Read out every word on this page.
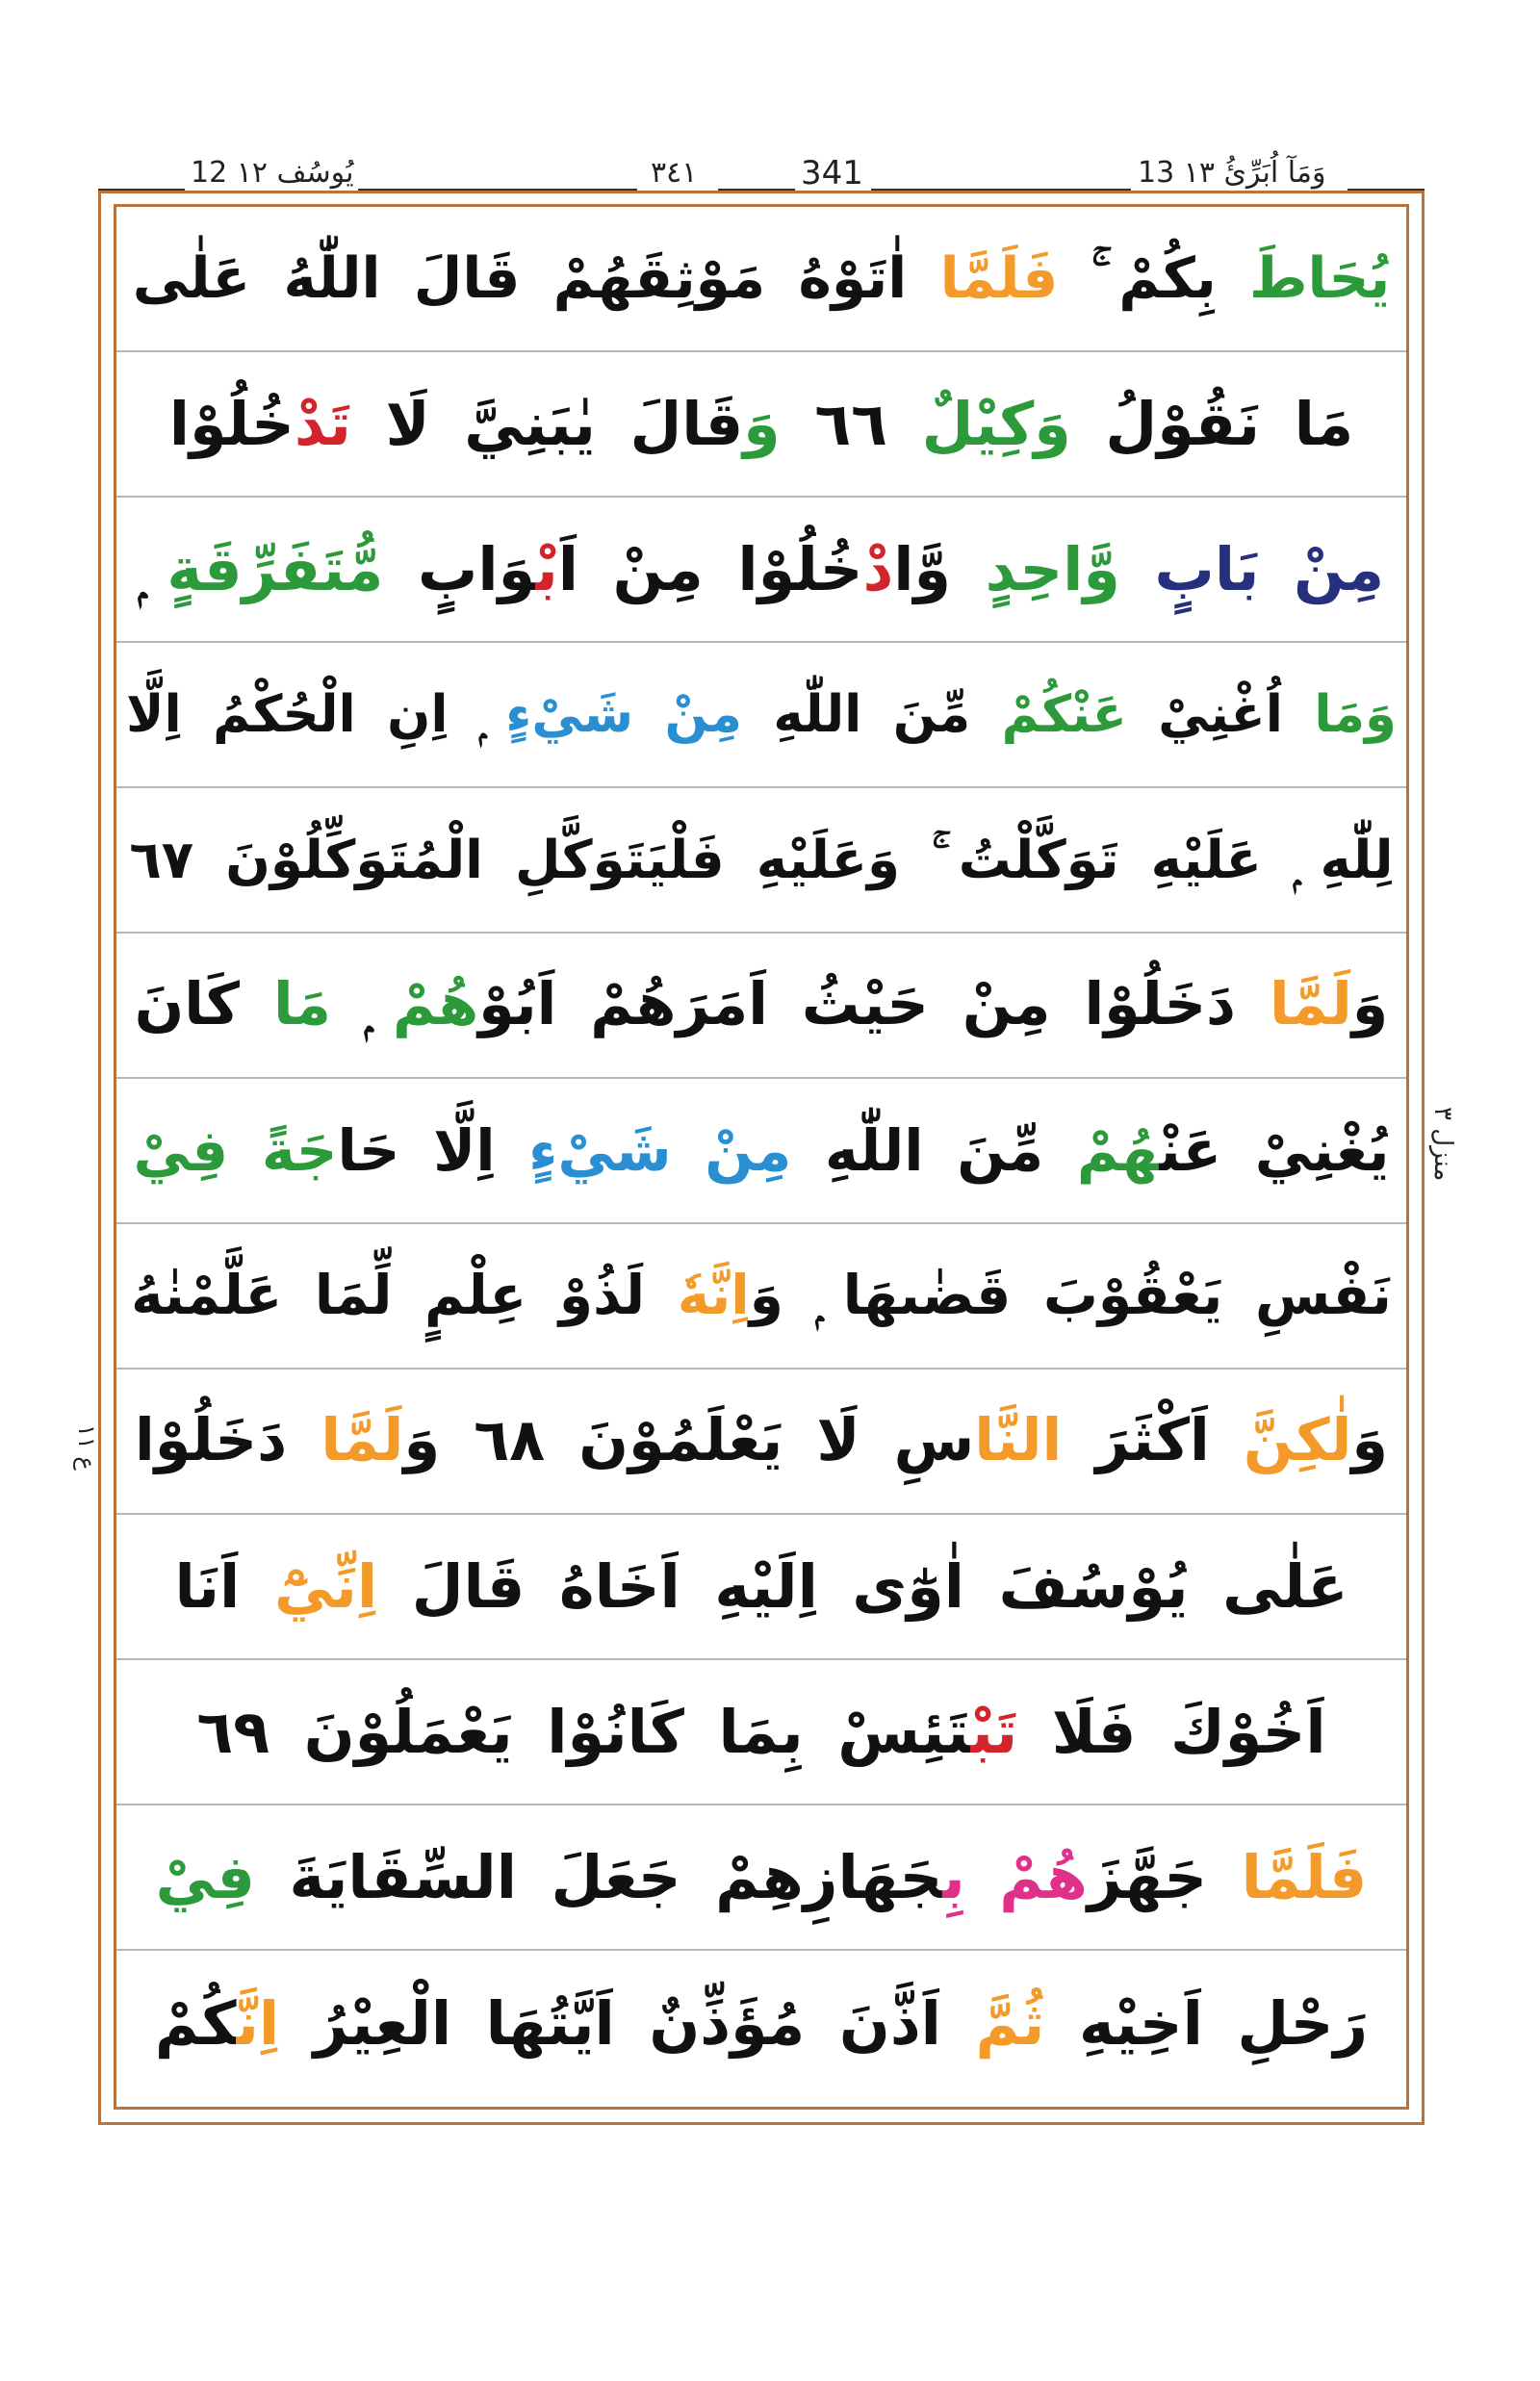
12 یُوسُف ١٢	٣٤١	341	13 وَمَآ اُبَرِّئُ ١٣
يُحَاطَ بِكُمْ ۚ فَلَمَّا اٰتَوْهُ مَوْثِقَهُمْ قَالَ اللّٰهُ عَلٰى
مَا نَقُوْلُ وَكِيْلٌ ٦٦ وَقَالَ يٰبَنِيَّ لَا تَدْخُلُوْا
مِنْ بَابٍ وَّاحِدٍ وَّادْخُلُوْا مِنْ اَبْوَابٍ مُّتَفَرِّقَةٍ ۭ
وَمَا اُغْنِيْ عَنْكُمْ مِّنَ اللّٰهِ مِنْ شَيْءٍ ۭ اِنِ الْحُكْمُ اِلَّا
لِلّٰهِ ۭ عَلَيْهِ تَوَكَّلْتُ ۚ وَعَلَيْهِ فَلْيَتَوَكَّلِ الْمُتَوَكِّلُوْنَ ٦٧
وَلَمَّا دَخَلُوْا مِنْ حَيْثُ اَمَرَهُمْ اَبُوْهُمْ ۭ مَا كَانَ
يُغْنِيْ عَنْهُمْ مِّنَ اللّٰهِ مِنْ شَيْءٍ اِلَّا حَاجَةً فِيْ
نَفْسِ يَعْقُوْبَ قَضٰىهَا ۭ وَاِنَّهٗ لَذُوْ عِلْمٍ لِّمَا عَلَّمْنٰهُ
وَلٰكِنَّ اَكْثَرَ النَّاسِ لَا يَعْلَمُوْنَ ٦٨ وَلَمَّا دَخَلُوْا
عَلٰى يُوْسُفَ اٰوٰٓى اِلَيْهِ اَخَاهُ قَالَ اِنِّيْٓ اَنَا
اَخُوْكَ فَلَا تَبْتَئِسْ بِمَا كَانُوْا يَعْمَلُوْنَ ٦٩
فَلَمَّا جَهَّزَهُمْ بِجَهَازِهِمْ جَعَلَ السِّقَايَةَ فِيْ
رَحْلِ اَخِيْهِ ثُمَّ اَذَّنَ مُؤَذِّنٌ اَيَّتُهَا الْعِيْرُ اِنَّكُمْ
منزل ٣
ع ١١
